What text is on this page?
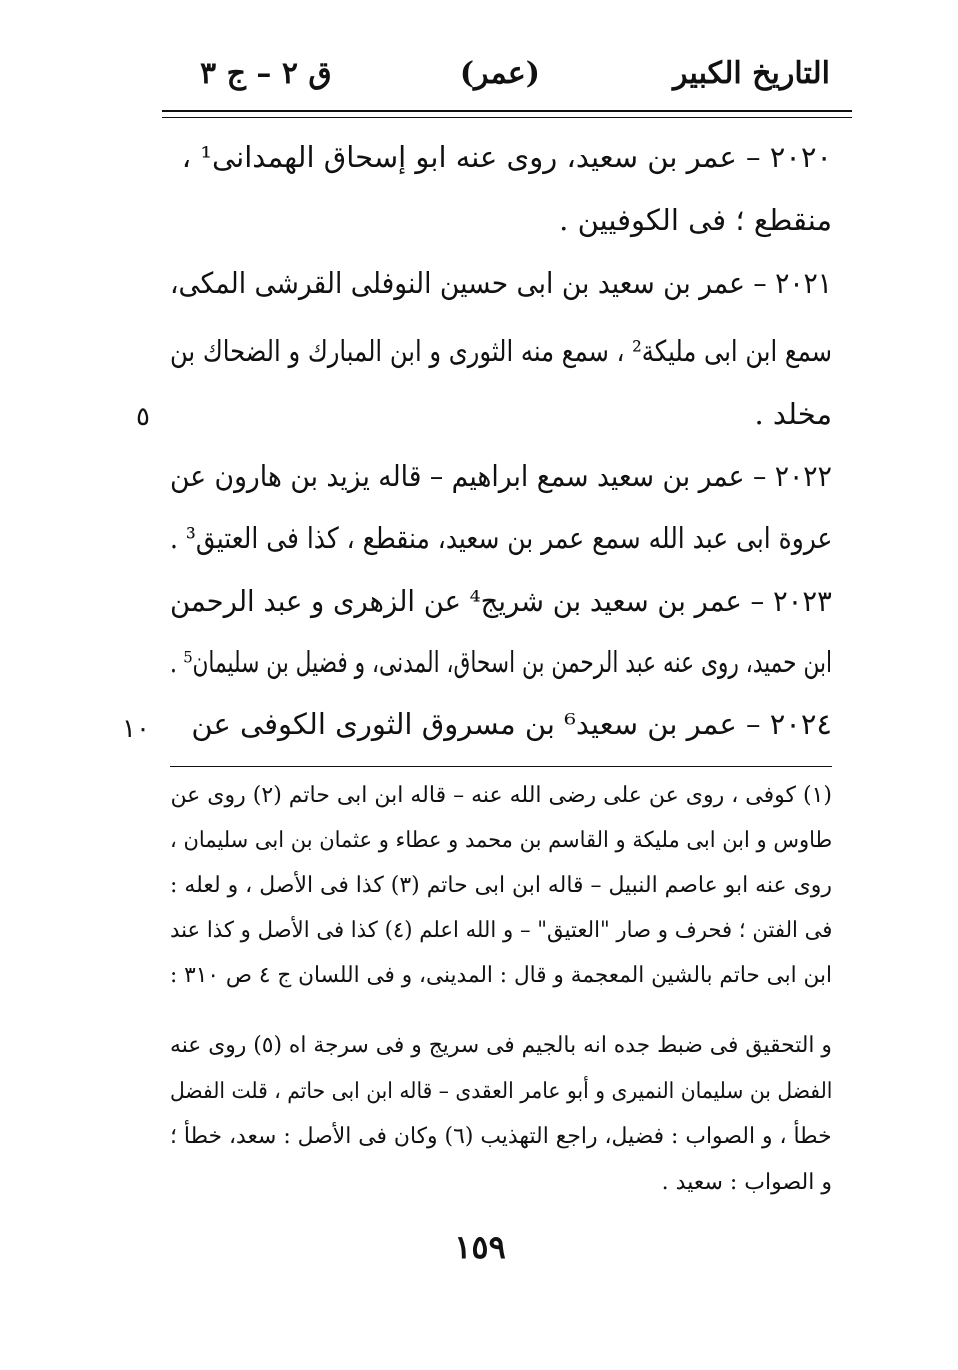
التاريخ الكبير
(عمر)
ق ٢ – ج ٣
٢٠٢٠ – عمر بن سعيد، روى عنه ابو إسحاق الهمدانى¹ ،
منقطع ؛ فى الكوفيين .
٢٠٢١ – عمر بن سعيد بن ابى حسين النوفلى القرشى المكى،
سمع ابن ابى مليكة² ، سمع منه الثورى و ابن المبارك و الضحاك بن
مخلد .
٢٠٢٢ – عمر بن سعيد سمع ابراهيم – قاله يزيد بن هارون عن
عروة ابى عبد الله سمع عمر بن سعيد، منقطع ، كذا فى العتيق³ .
٢٠٢٣ – عمر بن سعيد بن شريج⁴ عن الزهرى و عبد الرحمن
ابن حميد، روى عنه عبد الرحمن بن اسحاق، المدنى، و فضيل بن سليمان⁵ .
٢٠٢٤ – عمر بن سعيد⁶ بن مسروق الثورى الكوفى عن
٥
١٠
(١) كوفى ، روى عن على رضى الله عنه – قاله ابن ابى حاتم (٢) روى عن
طاوس و ابن ابى مليكة و القاسم بن محمد و عطاء و عثمان بن ابى سليمان ،
روى عنه ابو عاصم النبيل – قاله ابن ابى حاتم (٣) كذا فى الأصل ، و لعله :
فى الفتن ؛ فحرف و صار "العتيق" – و الله اعلم (٤) كذا فى الأصل و كذا عند
ابن ابى حاتم بالشين المعجمة و قال : المدينى، و فى اللسان ج ٤ ص ٣١٠ :
و التحقيق فى ضبط جده انه بالجيم فى سريج و فى سرجة اه (٥) روى عنه
الفضل بن سليمان النميرى و أبو عامر العقدى – قاله ابن ابى حاتم ، قلت الفضل
خطأ ، و الصواب : فضيل، راجع التهذيب (٦) وكان فى الأصل : سعد، خطأ ؛
و الصواب : سعيد .
١٥٩
